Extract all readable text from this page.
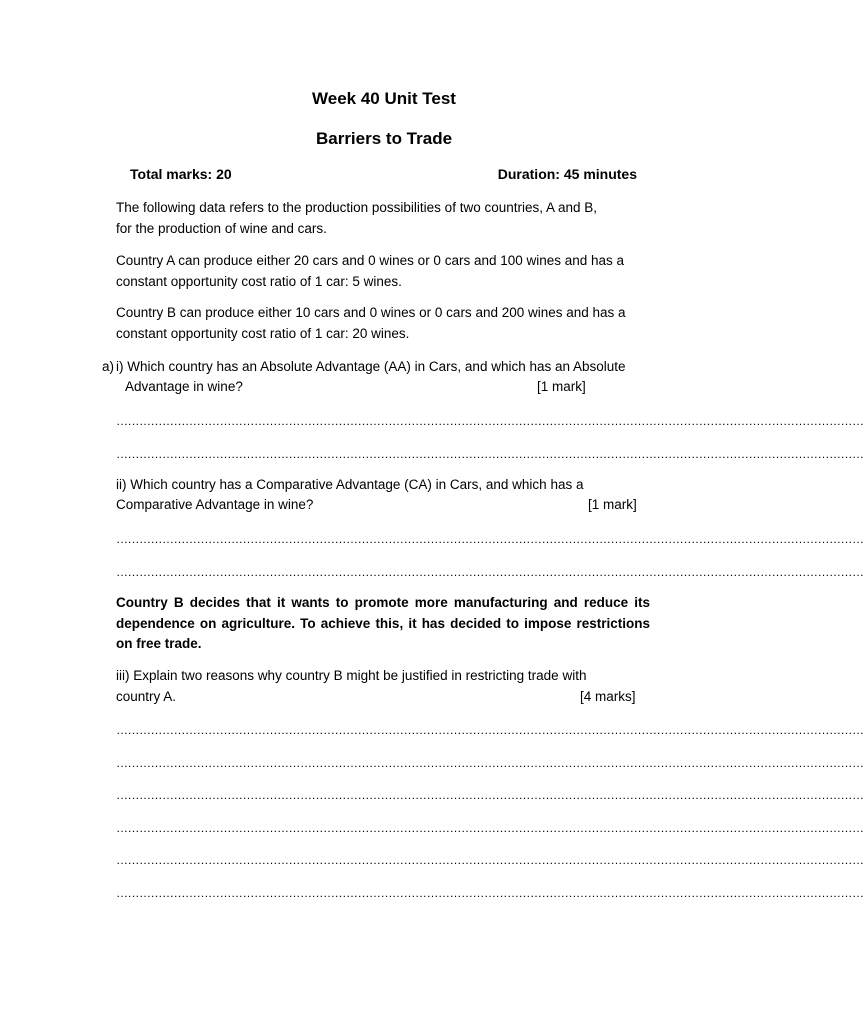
Week 40 Unit Test
Barriers to Trade
Total marks: 20	Duration: 45 minutes
The following data refers to the production possibilities of two countries, A and B,
for the production of wine and cars.
Country A can produce either 20 cars and 0 wines or 0 cars and 100 wines and has a
constant opportunity cost ratio of 1 car: 5 wines.
Country B can produce either 10 cars and 0 wines or 0 cars and 200 wines and has a
constant opportunity cost ratio of 1 car: 20 wines.
a) i) Which country has an Absolute Advantage (AA) in Cars, and which has an Absolute
Advantage in wine?	[1 mark]
……………………………………………………………………………………………………………………………………………………………………………
……………………………………………………………………………………………………………………………………………………………………………
ii) Which country has a Comparative Advantage (CA) in Cars, and which has a
Comparative Advantage in wine?	[1 mark]
……………………………………………………………………………………………………………………………………………………………………………
……………………………………………………………………………………………………………………………………………………………………………
Country B decides that it wants to promote more manufacturing and reduce its
dependence on agriculture. To achieve this, it has decided to impose restrictions
on free trade.
iii) Explain two reasons why country B might be justified in restricting trade with
country A.	[4 marks]
……………………………………………………………………………………………………………………………………………………………………………
……………………………………………………………………………………………………………………………………………………………………………
……………………………………………………………………………………………………………………………………………………………………………
……………………………………………………………………………………………………………………………………………………………………………
……………………………………………………………………………………………………………………………………………………………………………
……………………………………………………………………………………………………………………………………………………………………………
